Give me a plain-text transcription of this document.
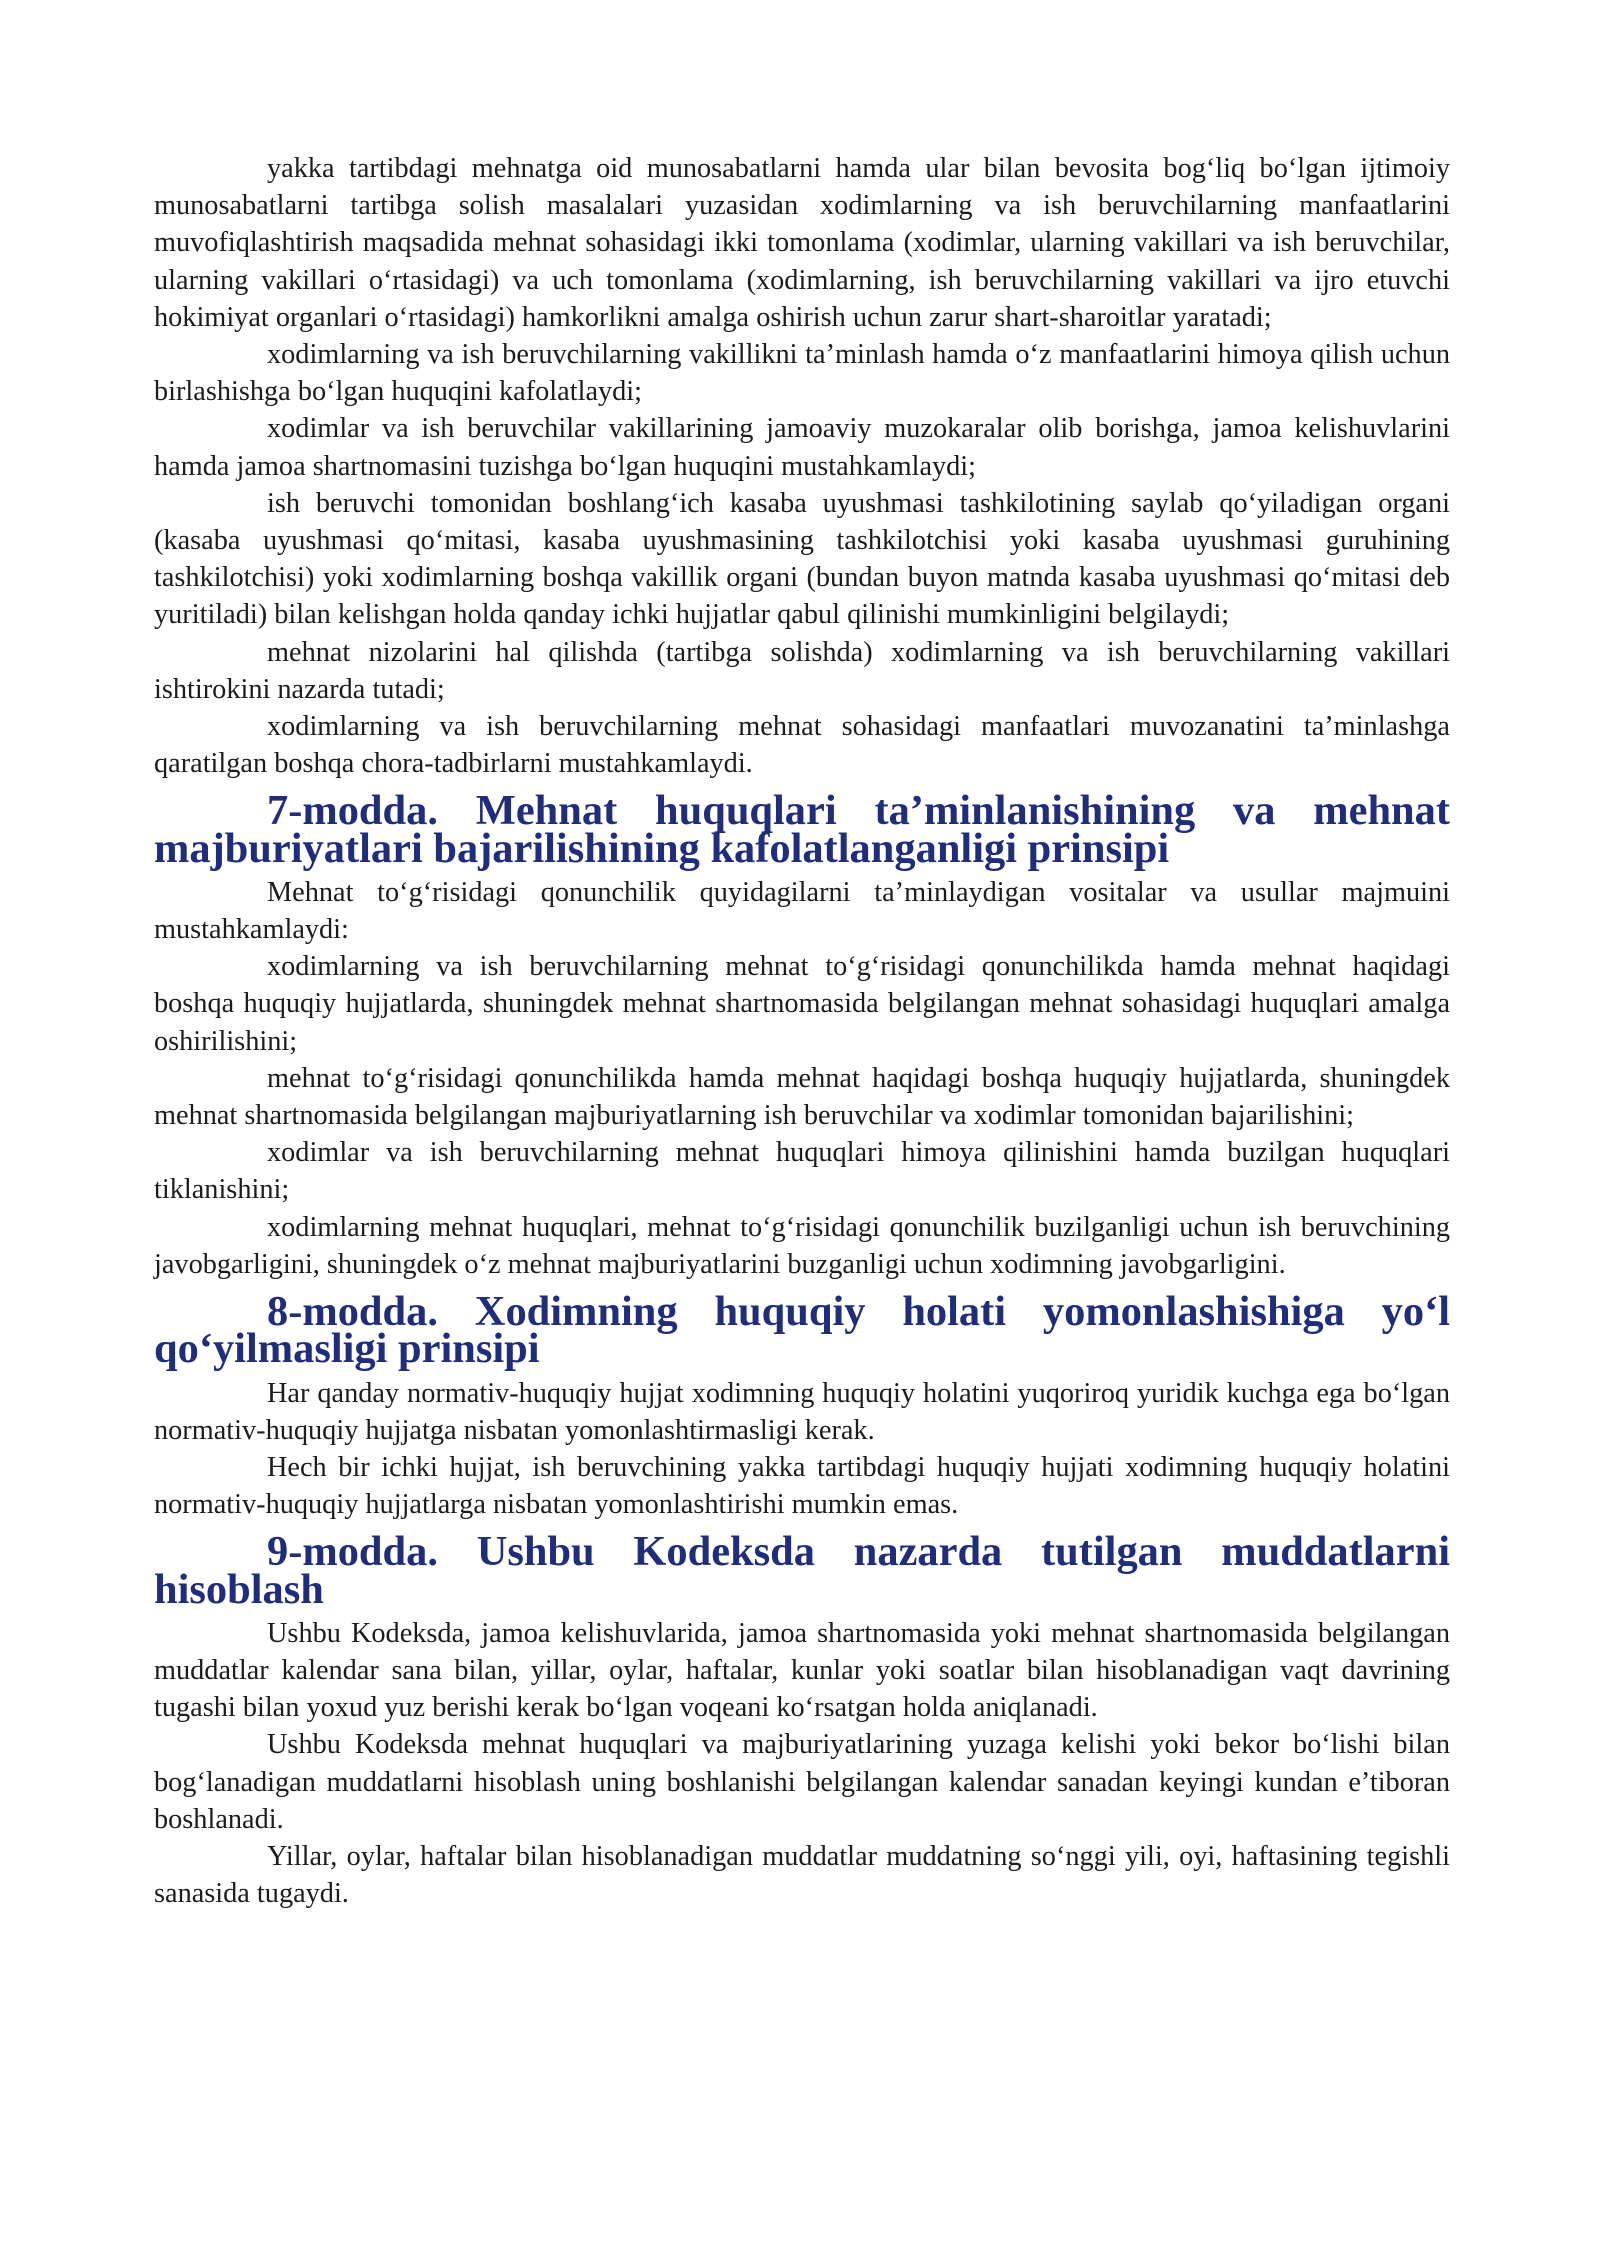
yakka tartibdagi mehnatga oid munosabatlarni hamda ular bilan bevosita bog‘liq bo‘lgan ijtimoiy munosabatlarni tartibga solish masalalari yuzasidan xodimlarning va ish beruvchilarning manfaatlarini muvofiqlashtirish maqsadida mehnat sohasidagi ikki tomonlama (xodimlar, ularning vakillari va ish beruvchilar, ularning vakillari o‘rtasidagi) va uch tomonlama (xodimlarning, ish beruvchilarning vakillari va ijro etuvchi hokimiyat organlari o‘rtasidagi) hamkorlikni amalga oshirish uchun zarur shart-sharoitlar yaratadi;

xodimlarning va ish beruvchilarning vakillikni ta’minlash hamda o‘z manfaatlarini himoya qilish uchun birlashishga bo‘lgan huquqini kafolatlaydi;

xodimlar va ish beruvchilar vakillarining jamoaviy muzokaralar olib borishga, jamoa kelishuvlarini hamda jamoa shartnomasini tuzishga bo‘lgan huquqini mustahkamlaydi;

ish beruvchi tomonidan boshlang‘ich kasaba uyushmasi tashkilotining saylab qo‘yiladigan organi (kasaba uyushmasi qo‘mitasi, kasaba uyushmasining tashkilotchisi yoki kasaba uyushmasi guruhining tashkilotchisi) yoki xodimlarning boshqa vakillik organi (bundan buyon matnda kasaba uyushmasi qo‘mitasi deb yuritiladi) bilan kelishgan holda qanday ichki hujjatlar qabul qilinishi mumkinligini belgilaydi;

mehnat nizolarini hal qilishda (tartibga solishda) xodimlarning va ish beruvchilarning vakillari ishtirokini nazarda tutadi;

xodimlarning va ish beruvchilarning mehnat sohasidagi manfaatlari muvozanatini ta’minlashga qaratilgan boshqa chora-tadbirlarni mustahkamlaydi.

7-modda. Mehnat huquqlari ta’minlanishining va mehnat majburiyatlari bajarilishining kafolatlanganligi prinsipi

Mehnat to‘g‘risidagi qonunchilik quyidagilarni ta’minlaydigan vositalar va usullar majmuini mustahkamlaydi:

xodimlarning va ish beruvchilarning mehnat to‘g‘risidagi qonunchilikda hamda mehnat haqidagi boshqa huquqiy hujjatlarda, shuningdek mehnat shartnomasida belgilangan mehnat sohasidagi huquqlari amalga oshirilishini;

mehnat to‘g‘risidagi qonunchilikda hamda mehnat haqidagi boshqa huquqiy hujjatlarda, shuningdek mehnat shartnomasida belgilangan majburiyatlarning ish beruvchilar va xodimlar tomonidan bajarilishini;

xodimlar va ish beruvchilarning mehnat huquqlari himoya qilinishini hamda buzilgan huquqlari tiklanishini;

xodimlarning mehnat huquqlari, mehnat to‘g‘risidagi qonunchilik buzilganligi uchun ish beruvchining javobgarligini, shuningdek o‘z mehnat majburiyatlarini buzganligi uchun xodimning javobgarligini.

8-modda. Xodimning huquqiy holati yomonlashishiga yo‘l qo‘yilmasligi prinsipi

Har qanday normativ-huquqiy hujjat xodimning huquqiy holatini yuqoriroq yuridik kuchga ega bo‘lgan normativ-huquqiy hujjatga nisbatan yomonlashtirmasligi kerak.

Hech bir ichki hujjat, ish beruvchining yakka tartibdagi huquqiy hujjati xodimning huquqiy holatini normativ-huquqiy hujjatlarga nisbatan yomonlashtirishi mumkin emas.

9-modda. Ushbu Kodeksda nazarda tutilgan muddatlarni hisoblash

Ushbu Kodeksda, jamoa kelishuvlarida, jamoa shartnomasida yoki mehnat shartnomasida belgilangan muddatlar kalendar sana bilan, yillar, oylar, haftalar, kunlar yoki soatlar bilan hisoblanadigan vaqt davrining tugashi bilan yoxud yuz berishi kerak bo‘lgan voqeani ko‘rsatgan holda aniqlanadi.

Ushbu Kodeksda mehnat huquqlari va majburiyatlarining yuzaga kelishi yoki bekor bo‘lishi bilan bog‘lanadigan muddatlarni hisoblash uning boshlanishi belgilangan kalendar sanadan keyingi kundan e’tiboran boshlanadi.

Yillar, oylar, haftalar bilan hisoblanadigan muddatlar muddatning so‘nggi yili, oyi, haftasining tegishli sanasida tugaydi.
